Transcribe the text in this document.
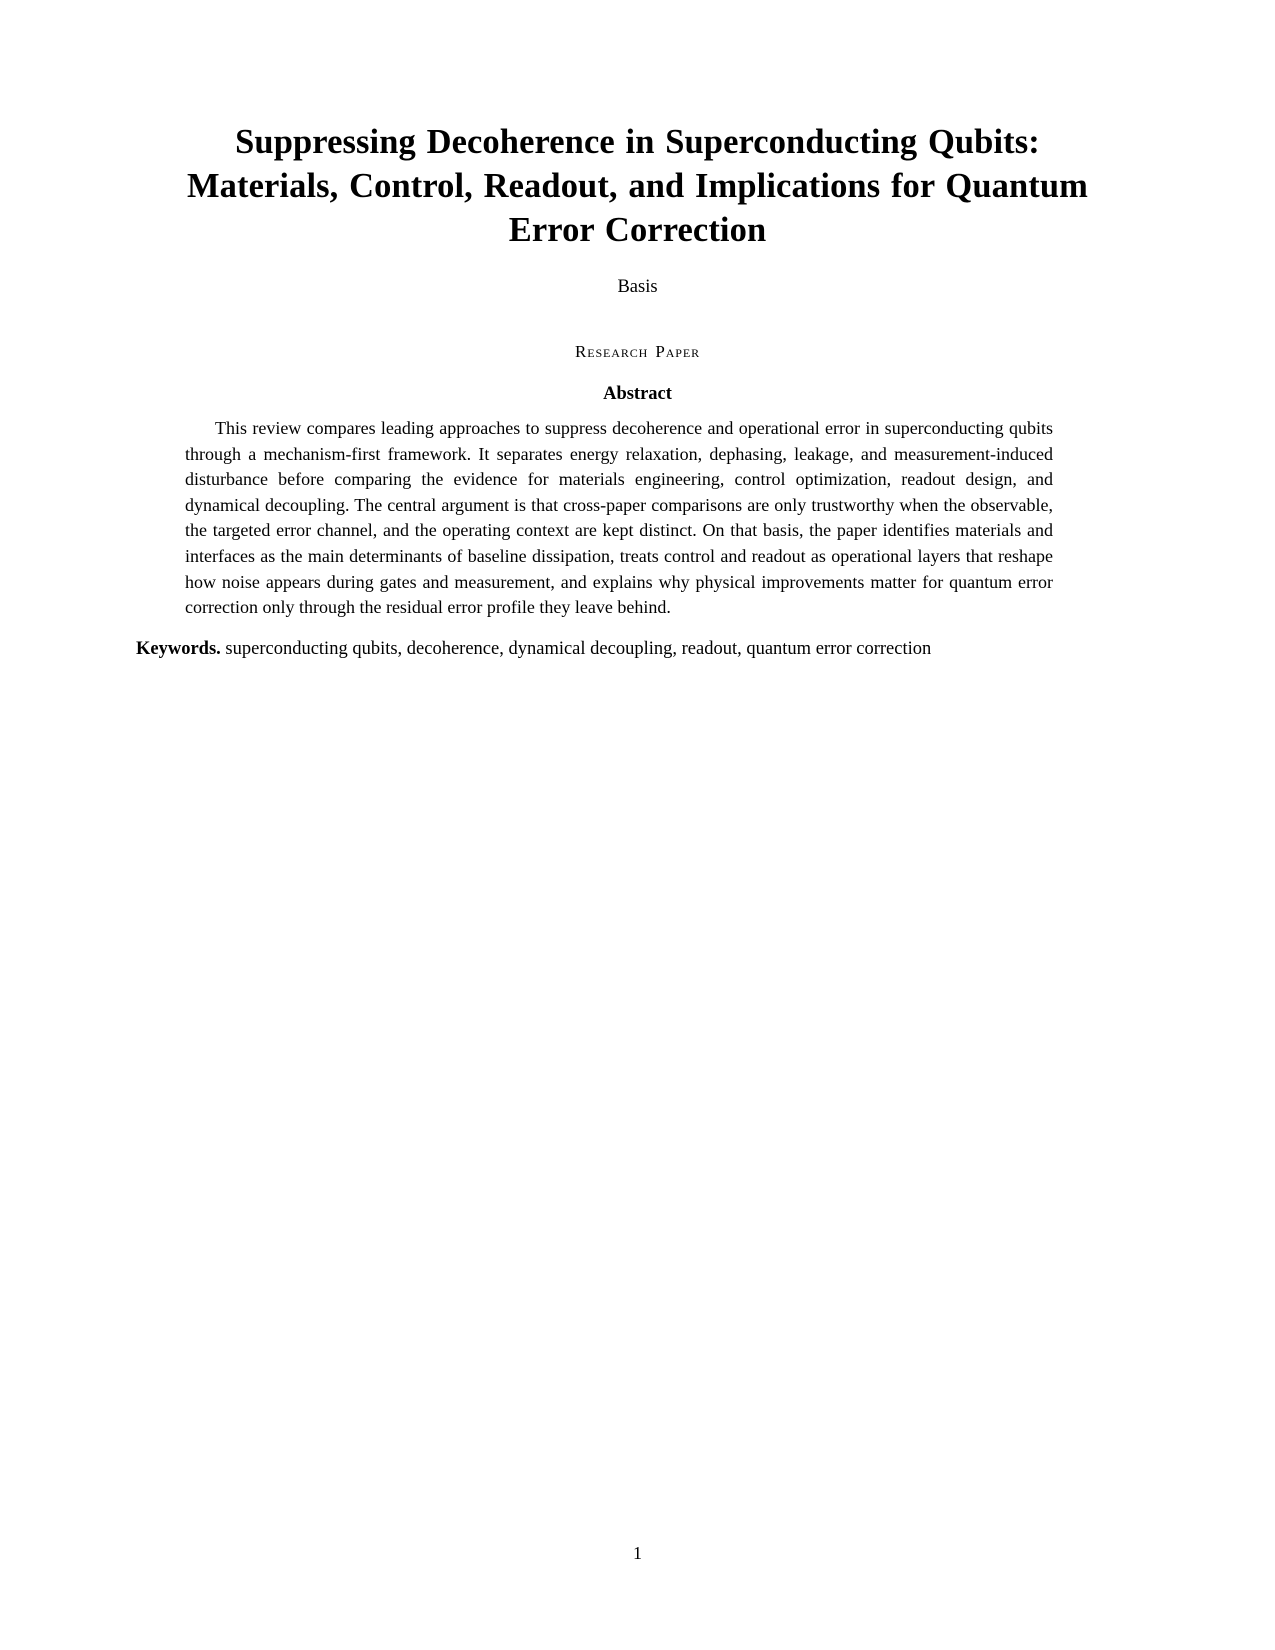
Suppressing Decoherence in Superconducting Qubits: Materials, Control, Readout, and Implications for Quantum Error Correction
Basis
Research Paper
Abstract
This review compares leading approaches to suppress decoherence and operational error in superconducting qubits through a mechanism-first framework. It separates energy relaxation, dephasing, leakage, and measurement-induced disturbance before comparing the evidence for materials engineering, control optimization, readout design, and dynamical decoupling. The central argument is that cross-paper comparisons are only trustworthy when the observable, the targeted error channel, and the operating context are kept distinct. On that basis, the paper identifies materials and interfaces as the main determinants of baseline dissipation, treats control and readout as operational layers that reshape how noise appears during gates and measurement, and explains why physical improvements matter for quantum error correction only through the residual error profile they leave behind.
Keywords. superconducting qubits, decoherence, dynamical decoupling, readout, quantum error correction
1
